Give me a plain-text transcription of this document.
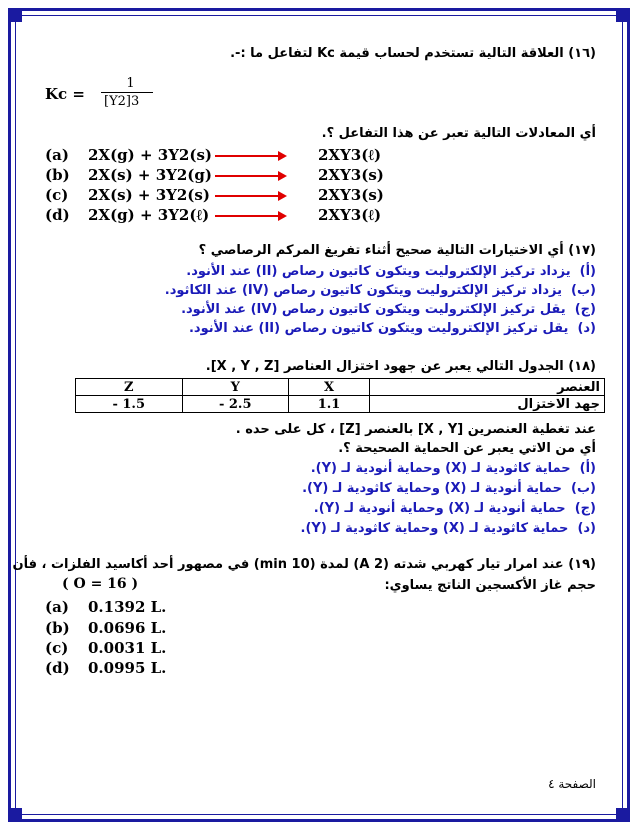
(١٦) العلاقة التالية تستخدم لحساب قيمة Kc لتفاعل ما :-.
Kc =
1
[Y2]3
أي المعادلات التالية تعبر عن هذا التفاعل ؟.
(a) 2X(g) + 3Y2(s)	2XY3(ℓ)
(b) 2X(s) + 3Y2(g)	2XY3(s)
(c) 2X(s) + 3Y2(s)	2XY3(s)
(d) 2X(g) + 3Y2(ℓ)	2XY3(ℓ)
(١٧) أي الاختيارات التالية صحيح أثناء تفريغ المركم الرصاصي ؟
(أ)  يزداد تركيز الإلكتروليت ويتكون كاتيون رصاص (II) عند الأنود.
(ب)  يزداد تركيز الإلكتروليت ويتكون كاتيون رصاص (IV) عند الكاثود.
(ج)  يقل تركيز الإلكتروليت ويتكون كاتيون رصاص (IV) عند الأنود.
(د)  يقل تركيز الإلكتروليت ويتكون كاتيون رصاص (II) عند الأنود.
(١٨) الجدول التالي يعبر عن جهود اختزال العناصر [X , Y , Z].
Z	Y	X	العنصر
- 1.5	- 2.5	1.1	جهد الاختزال
عند تغطية العنصرين [X , Y] بالعنصر [Z] ، كل على حده .
أي من الاتي يعبر عن الحماية الصحيحة ؟.
(أ)  حماية كاثودية لـ (X) وحماية أنودية لـ (Y).
(ب)  حماية أنودية لـ (X) وحماية كاثودية لـ (Y).
(ج)  حماية أنودية لـ (X) وحماية أنودية لـ (Y).
(د)  حماية كاثودية لـ (X) وحماية كاثودية لـ (Y).
(١٩) عند امرار تيار كهربي شدته (2 A) لمدة (10 min) في مصهور أحد أكاسيد الفلزات ، فأن
حجم غاز الأكسجين الناتج يساوي:
( O = 16 )
(a) 0.1392 L.
(b) 0.0696 L.
(c) 0.0031 L.
(d) 0.0995 L.
الصفحة ٤
